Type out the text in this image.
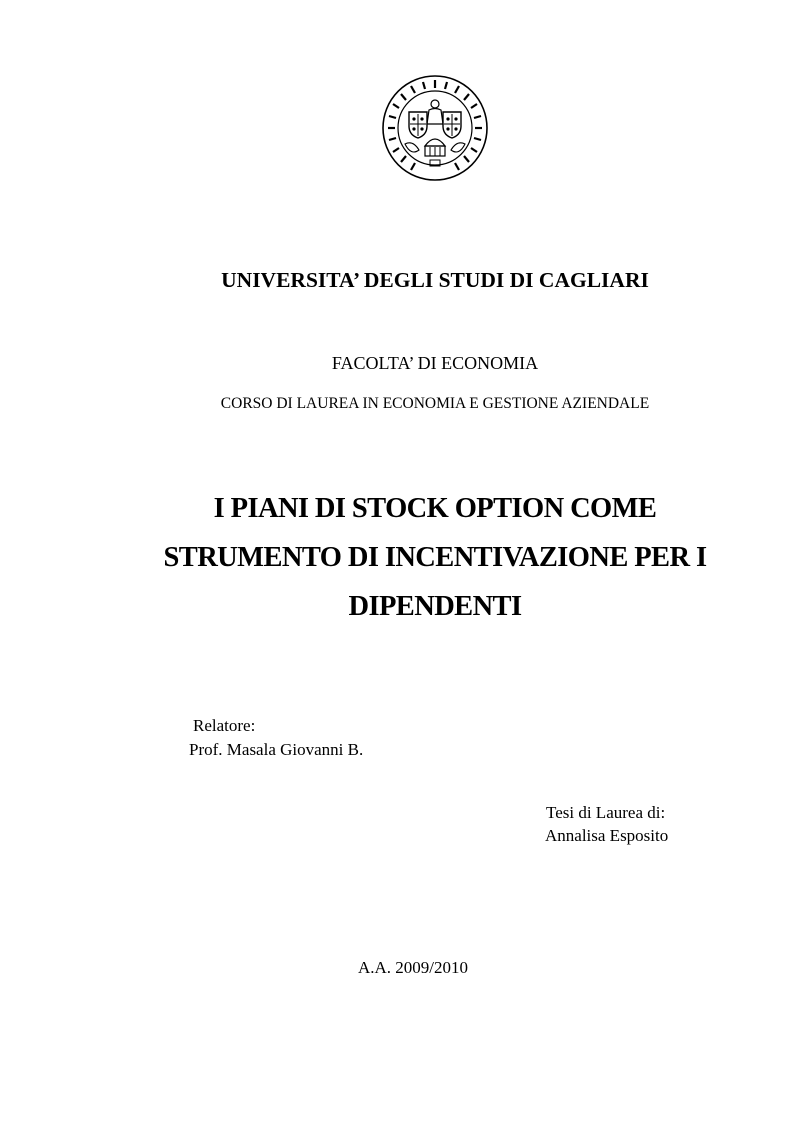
UNIVERSITA’ DEGLI STUDI DI CAGLIARI
FACOLTA’ DI ECONOMIA
CORSO DI LAUREA IN ECONOMIA E GESTIONE AZIENDALE
I PIANI DI STOCK OPTION COME
STRUMENTO DI INCENTIVAZIONE PER I
DIPENDENTI
Relatore:
Prof. Masala Giovanni B.
Tesi di Laurea di:
Annalisa Esposito
A.A. 2009/2010
